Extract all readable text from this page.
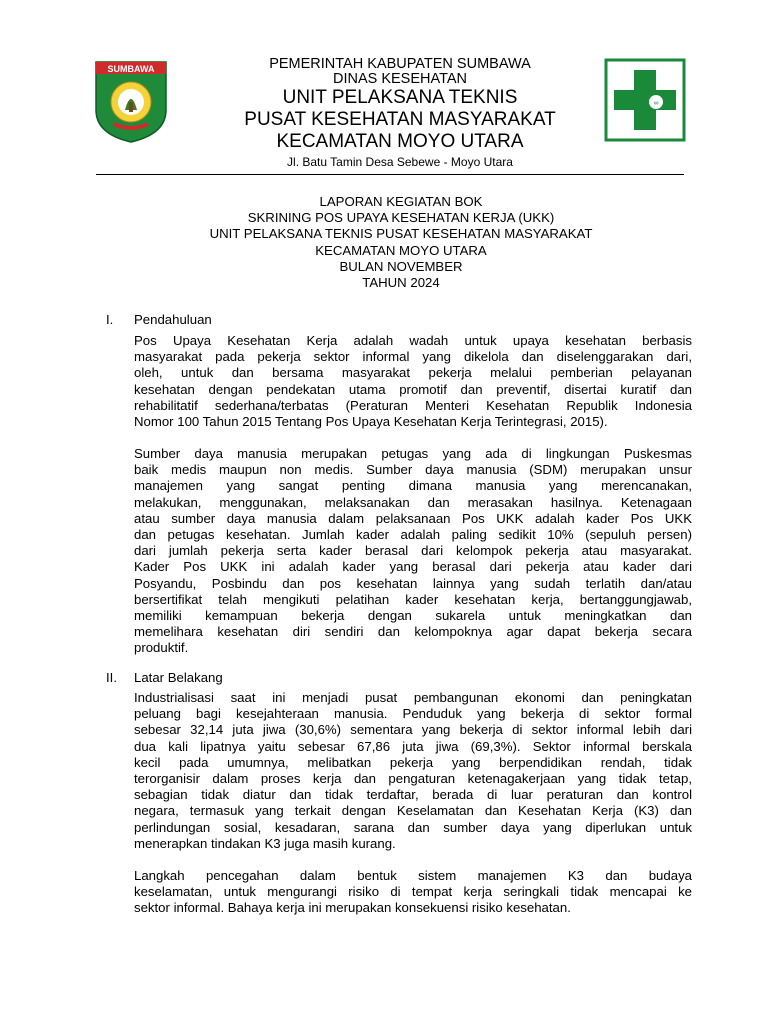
SUMBAWA	PEMERINTAH KABUPATEN SUMBAWA
DINAS KESEHATAN
UNIT PELAKSANA TEKNIS
PUSAT KESEHATAN MASYARAKAT
KECAMATAN MOYO UTARA
Jl. Batu Tamin Desa Sebewe - Moyo Utara
∞
LAPORAN KEGIATAN BOK
SKRINING POS UPAYA KESEHATAN KERJA (UKK)
UNIT PELAKSANA TEKNIS PUSAT KESEHATAN MASYARAKAT
KECAMATAN MOYO UTARA
BULAN NOVEMBER
TAHUN 2024
I. Pendahuluan
Pos Upaya Kesehatan Kerja adalah wadah untuk upaya kesehatan berbasis
masyarakat pada pekerja sektor informal yang dikelola dan diselenggarakan dari,
oleh, untuk dan bersama masyarakat pekerja melalui pemberian pelayanan
kesehatan dengan pendekatan utama promotif dan preventif, disertai kuratif dan
rehabilitatif sederhana/terbatas (Peraturan Menteri Kesehatan Republik Indonesia
Nomor 100 Tahun 2015 Tentang Pos Upaya Kesehatan Kerja Terintegrasi, 2015).
Sumber daya manusia merupakan petugas yang ada di lingkungan Puskesmas
baik medis maupun non medis. Sumber daya manusia (SDM) merupakan unsur
manajemen yang sangat penting dimana manusia yang merencanakan,
melakukan, menggunakan, melaksanakan dan merasakan hasilnya. Ketenagaan
atau sumber daya manusia dalam pelaksanaan Pos UKK adalah kader Pos UKK
dan petugas kesehatan. Jumlah kader adalah paling sedikit 10% (sepuluh persen)
dari jumlah pekerja serta kader berasal dari kelompok pekerja atau masyarakat.
Kader Pos UKK ini adalah kader yang berasal dari pekerja atau kader dari
Posyandu, Posbindu dan pos kesehatan lainnya yang sudah terlatih dan/atau
bersertifikat telah mengikuti pelatihan kader kesehatan kerja, bertanggungjawab,
memiliki kemampuan bekerja dengan sukarela untuk meningkatkan dan
memelihara kesehatan diri sendiri dan kelompoknya agar dapat bekerja secara
produktif.
II. Latar Belakang
Industrialisasi saat ini menjadi pusat pembangunan ekonomi dan peningkatan
peluang bagi kesejahteraan manusia. Penduduk yang bekerja di sektor formal
sebesar 32,14 juta jiwa (30,6%) sementara yang bekerja di sektor informal lebih dari
dua kali lipatnya yaitu sebesar 67,86 juta jiwa (69,3%). Sektor informal berskala
kecil pada umumnya, melibatkan pekerja yang berpendidikan rendah, tidak
terorganisir dalam proses kerja dan pengaturan ketenagakerjaan yang tidak tetap,
sebagian tidak diatur dan tidak terdaftar, berada di luar peraturan dan kontrol
negara, termasuk yang terkait dengan Keselamatan dan Kesehatan Kerja (K3) dan
perlindungan sosial, kesadaran, sarana dan sumber daya yang diperlukan untuk
menerapkan tindakan K3 juga masih kurang.
Langkah pencegahan dalam bentuk sistem manajemen K3 dan budaya
keselamatan, untuk mengurangi risiko di tempat kerja seringkali tidak mencapai ke
sektor informal. Bahaya kerja ini merupakan konsekuensi risiko kesehatan.
